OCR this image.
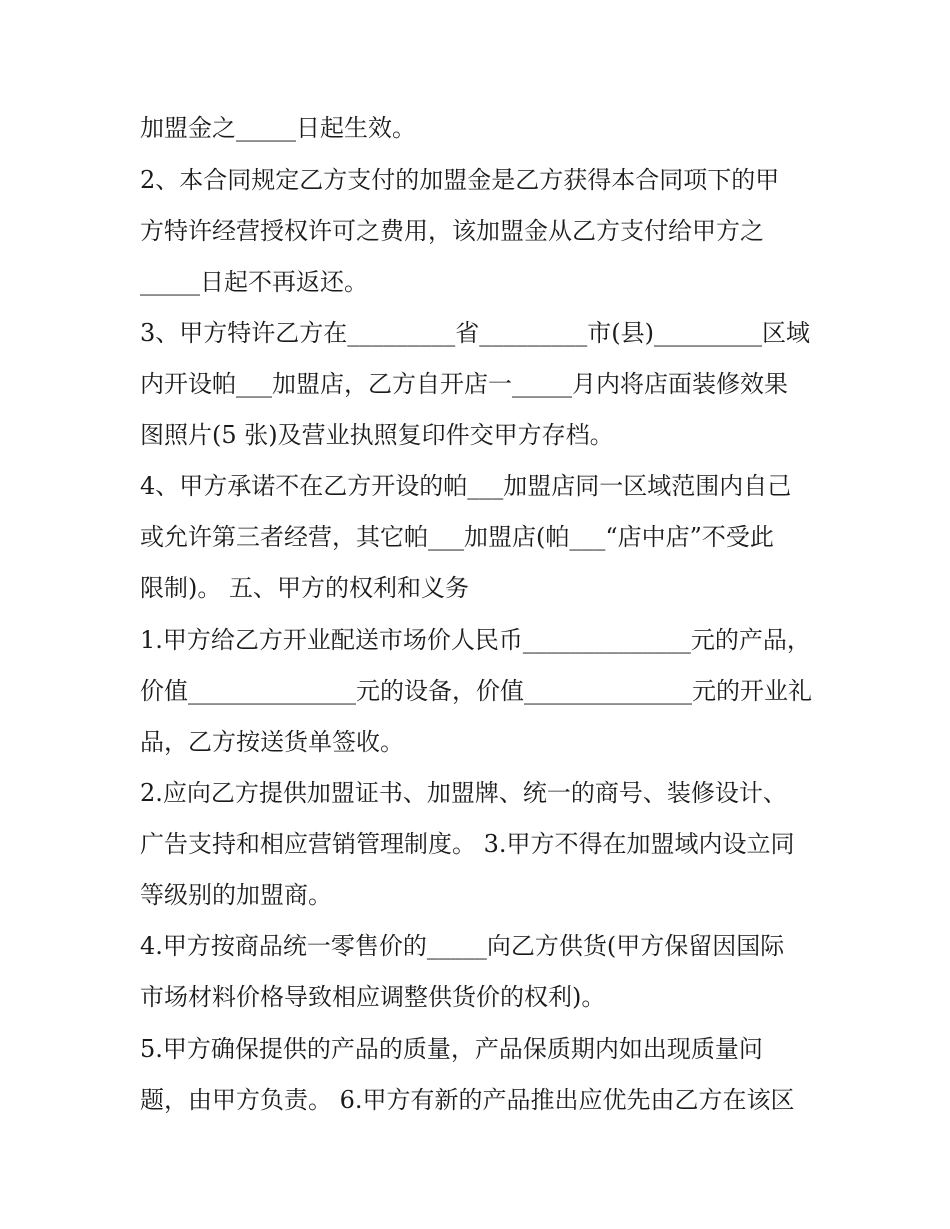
加盟金之_____日起生效。
2、本合同规定乙方支付的加盟金是乙方获得本合同项下的甲
方特许经营授权许可之费用，该加盟金从乙方支付给甲方之
_____日起不再返还。
3、甲方特许乙方在_________省_________市(县)_________区域
内开设帕___加盟店，乙方自开店一_____月内将店面装修效果
图照片(5 张)及营业执照复印件交甲方存档。
4、甲方承诺不在乙方开设的帕___加盟店同一区域范围内自己
或允许第三者经营，其它帕___加盟店(帕___“店中店”不受此
限制)。 五、甲方的权利和义务
1.甲方给乙方开业配送市场价人民币______________元的产品，
价值______________元的设备，价值______________元的开业礼
品，乙方按送货单签收。
2.应向乙方提供加盟证书、加盟牌、统一的商号、装修设计、
广告支持和相应营销管理制度。 3.甲方不得在加盟域内设立同
等级别的加盟商。
4.甲方按商品统一零售价的_____向乙方供货(甲方保留因国际
市场材料价格导致相应调整供货价的权利)。
5.甲方确保提供的产品的质量，产品保质期内如出现质量问
题，由甲方负责。 6.甲方有新的产品推出应优先由乙方在该区
